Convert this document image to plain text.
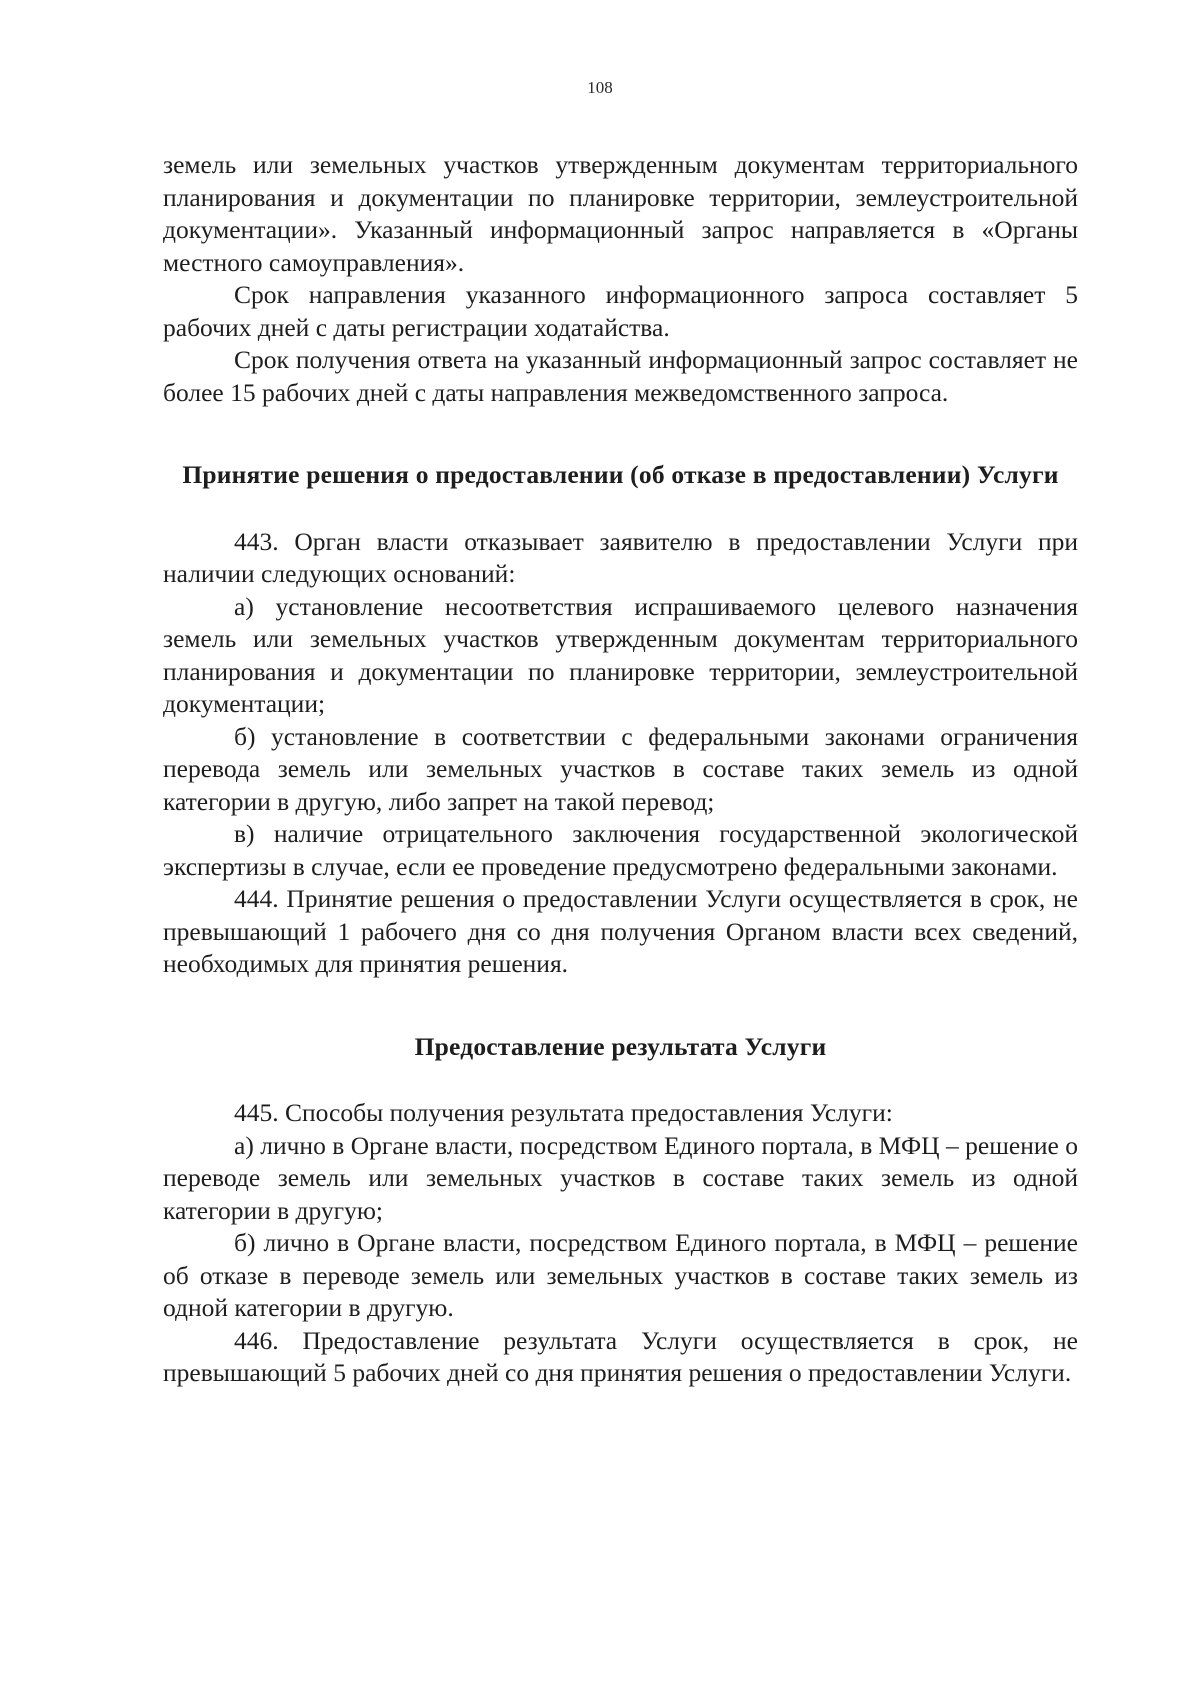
108

земель или земельных участков утвержденным документам территориального планирования и документации по планировке территории, землеустроительной документации». Указанный информационный запрос направляется в «Органы местного самоуправления».

Срок направления указанного информационного запроса составляет 5 рабочих дней с даты регистрации ходатайства.

Срок получения ответа на указанный информационный запрос составляет не более 15 рабочих дней с даты направления межведомственного запроса.

Принятие решения о предоставлении (об отказе в предоставлении) Услуги

443. Орган власти отказывает заявителю в предоставлении Услуги при наличии следующих оснований:

а) установление несоответствия испрашиваемого целевого назначения земель или земельных участков утвержденным документам территориального планирования и документации по планировке территории, землеустроительной документации;

б) установление в соответствии с федеральными законами ограничения перевода земель или земельных участков в составе таких земель из одной категории в другую, либо запрет на такой перевод;

в) наличие отрицательного заключения государственной экологической экспертизы в случае, если ее проведение предусмотрено федеральными законами.

444. Принятие решения о предоставлении Услуги осуществляется в срок, не превышающий 1 рабочего дня со дня получения Органом власти всех сведений, необходимых для принятия решения.

Предоставление результата Услуги

445. Способы получения результата предоставления Услуги:

а) лично в Органе власти, посредством Единого портала, в МФЦ – решение о переводе земель или земельных участков в составе таких земель из одной категории в другую;

б) лично в Органе власти, посредством Единого портала, в МФЦ – решение об отказе в переводе земель или земельных участков в составе таких земель из одной категории в другую.

446. Предоставление результата Услуги осуществляется в срок, не превышающий 5 рабочих дней со дня принятия решения о предоставлении Услуги.
